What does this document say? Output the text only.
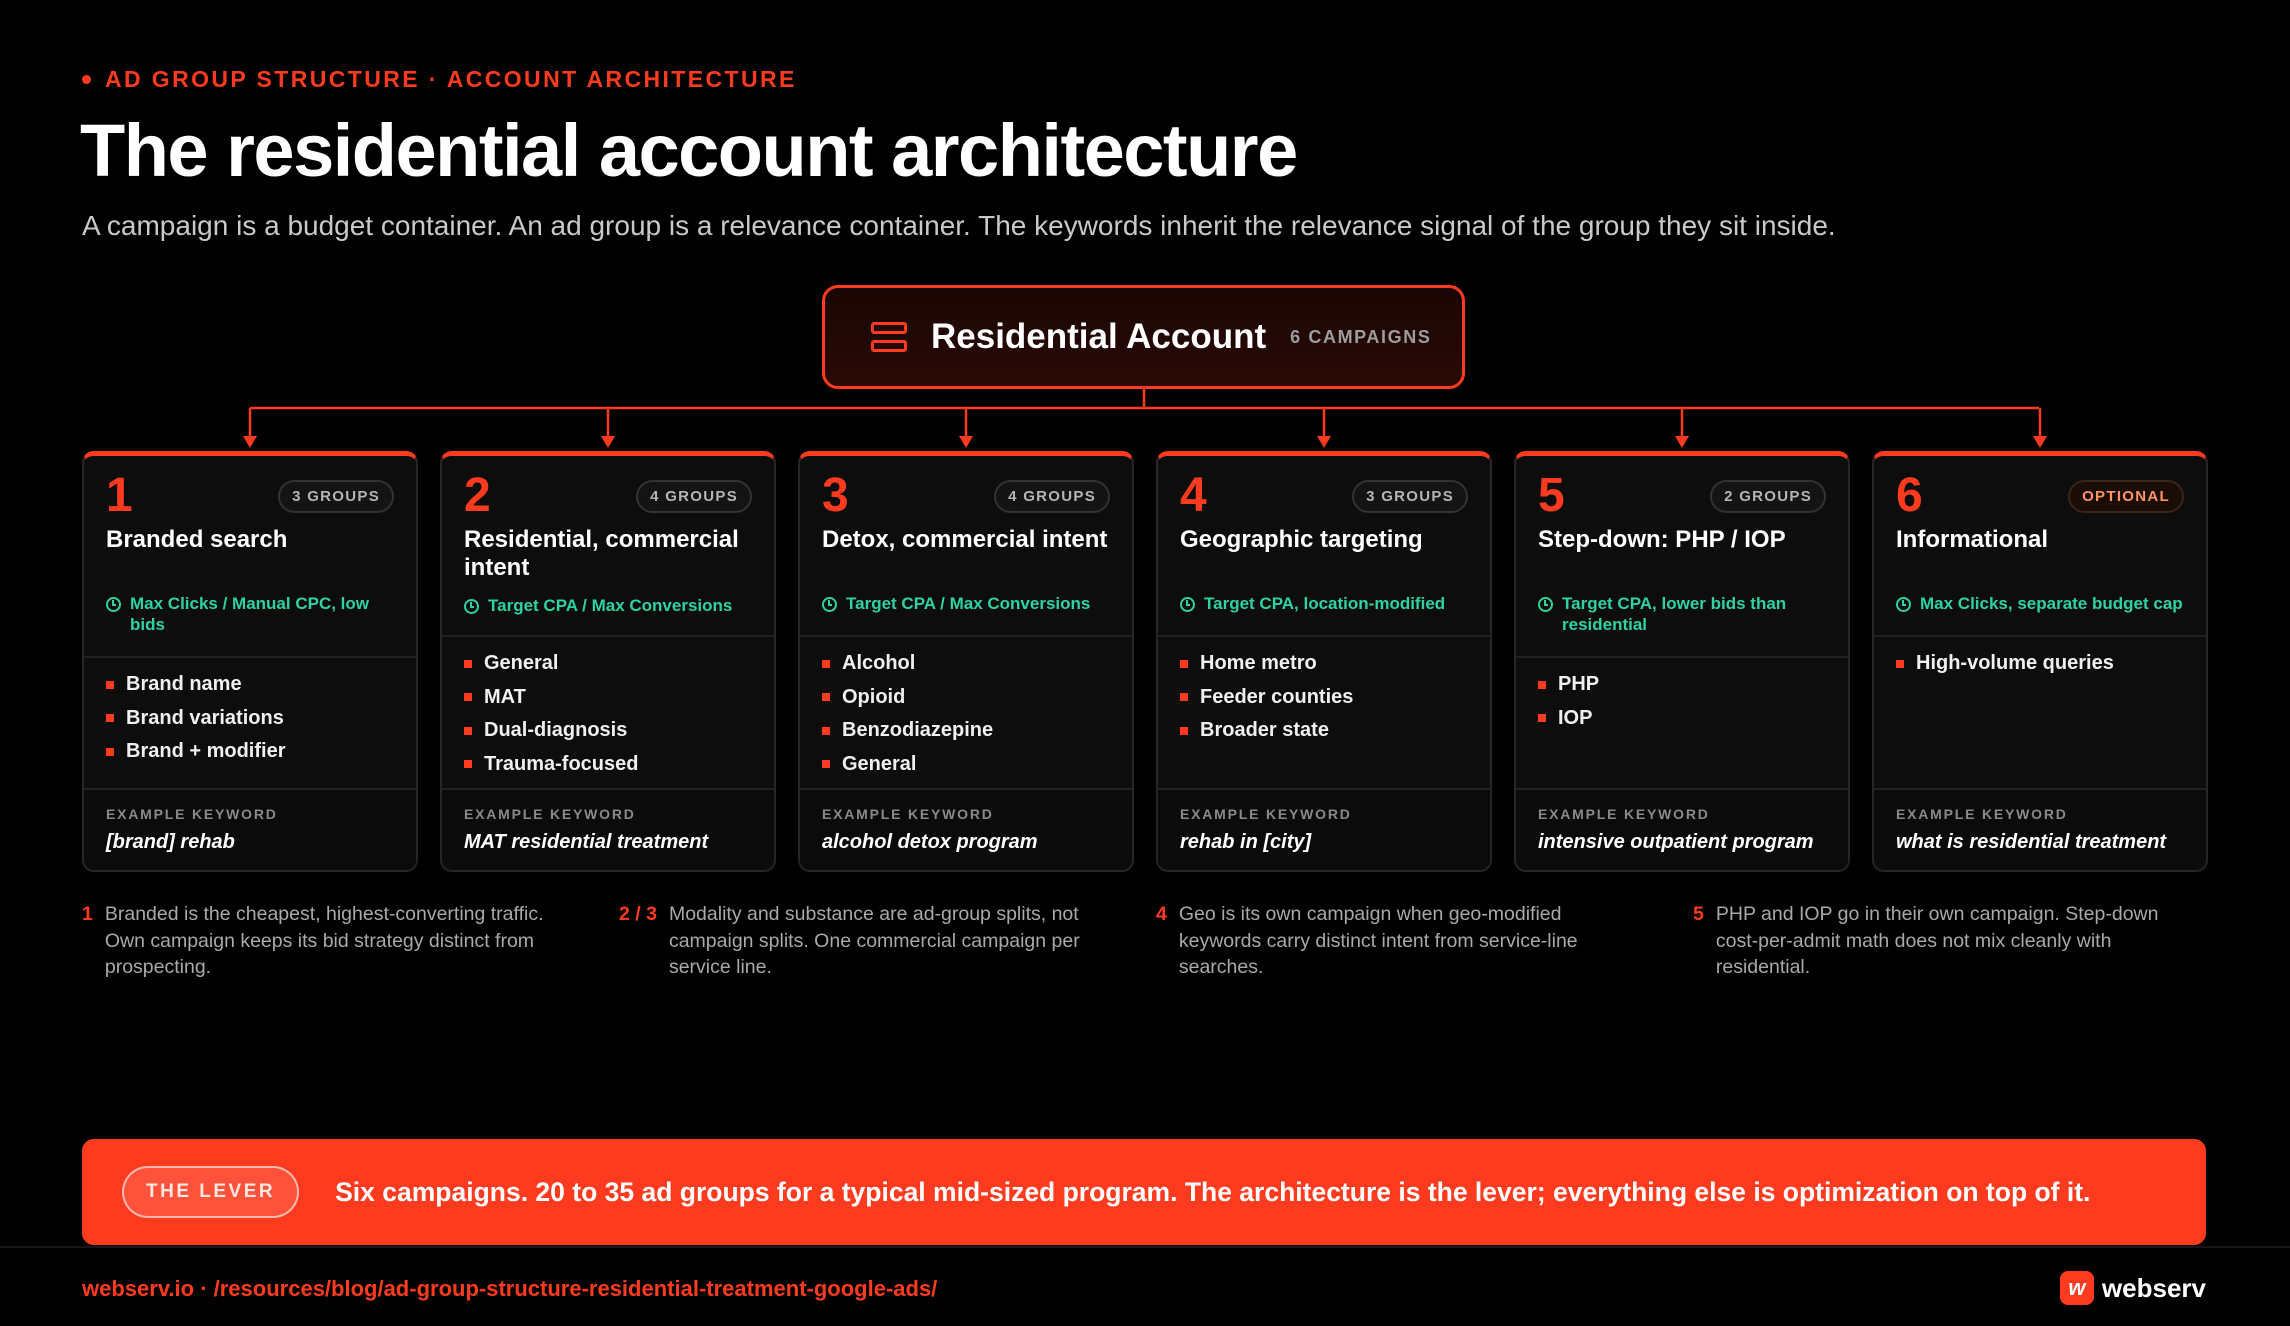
AD GROUP STRUCTURE · ACCOUNT ARCHITECTURE
The residential account architecture

A campaign is a budget container. An ad group is a relevance container. The keywords inherit the relevance signal of the group they sit inside.

Residential Account 6 CAMPAIGNS
1	3 GROUPS
Branded search
Max Clicks / Manual CPC, low bids
Brand name
Brand variations
Brand + modifier
EXAMPLE KEYWORD
[brand] rehab
2	4 GROUPS
Residential, commercial intent
Target CPA / Max Conversions
General
MAT
Dual-diagnosis
Trauma-focused
EXAMPLE KEYWORD
MAT residential treatment
3	4 GROUPS
Detox, commercial intent
Target CPA / Max Conversions
Alcohol
Opioid
Benzodiazepine
General
EXAMPLE KEYWORD
alcohol detox program
4	3 GROUPS
Geographic targeting
Target CPA, location-modified
Home metro
Feeder counties
Broader state
EXAMPLE KEYWORD
rehab in [city]
5	2 GROUPS
Step-down: PHP / IOP
Target CPA, lower bids than residential
PHP
IOP
EXAMPLE KEYWORD
intensive outpatient program
6	OPTIONAL
Informational
Max Clicks, separate budget cap
High-volume queries
EXAMPLE KEYWORD
what is residential treatment
1 Branded is the cheapest, highest-converting traffic. Own campaign keeps its bid strategy distinct from prospecting.
2 / 3 Modality and substance are ad-group splits, not campaign splits. One commercial campaign per service line.
4 Geo is its own campaign when geo-modified keywords carry distinct intent from service-line searches.
5 PHP and IOP go in their own campaign. Step-down cost-per-admit math does not mix cleanly with residential.
THE LEVER	Six campaigns. 20 to 35 ad groups for a typical mid-sized program. The architecture is the lever; everything else is optimization on top of it.
webserv.io · /resources/blog/ad-group-structure-residential-treatment-google-ads/	w webserv
